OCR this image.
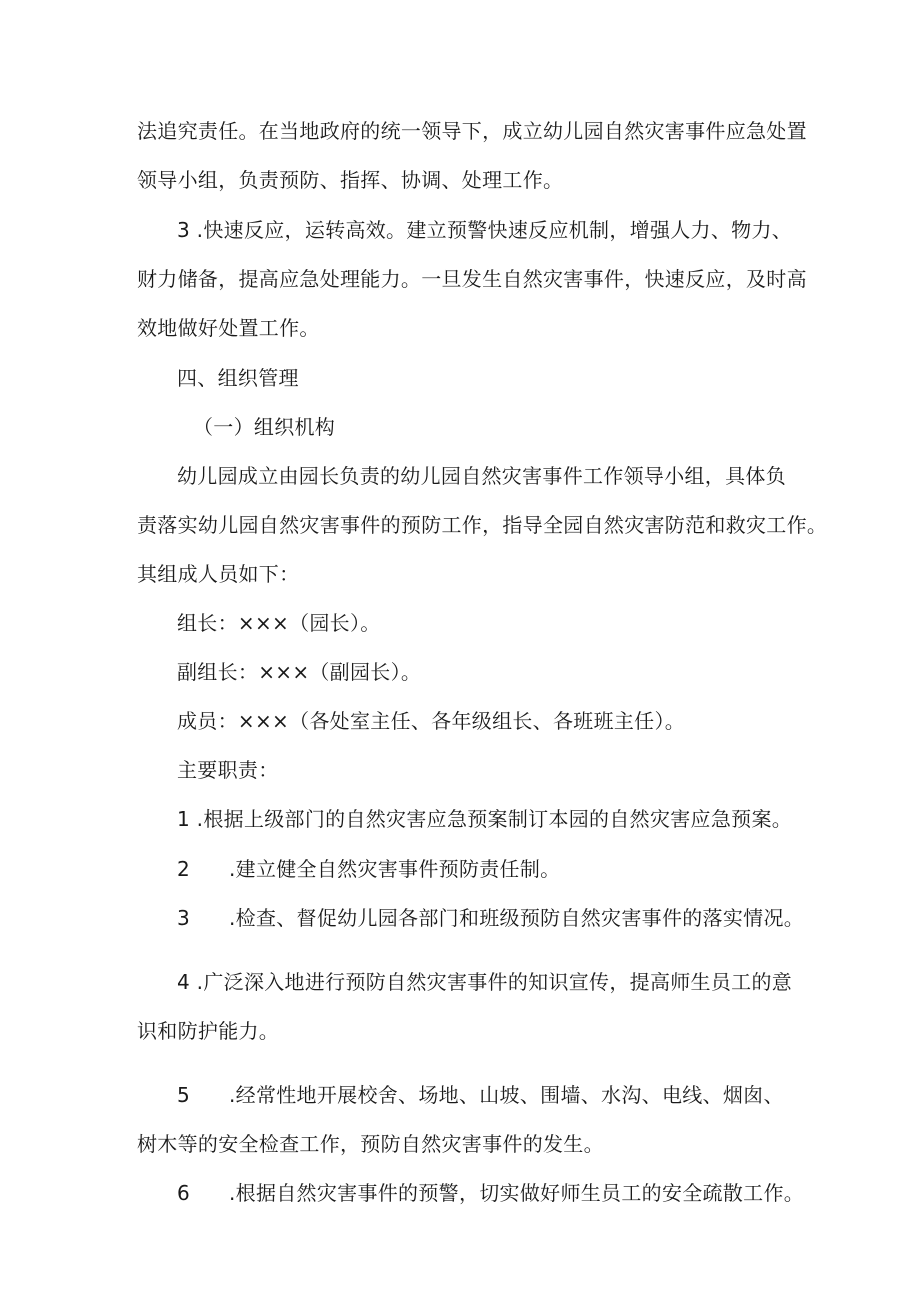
法追究责任。在当地政府的统一领导下，成立幼儿园自然灾害事件应急处置
领导小组，负责预防、指挥、协调、处理工作。
3 .快速反应，运转高效。建立预警快速反应机制，增强人力、物力、
财力储备，提高应急处理能力。一旦发生自然灾害事件，快速反应，及时高
效地做好处置工作。
四、组织管理
（一）组织机构
幼儿园成立由园长负责的幼儿园自然灾害事件工作领导小组，具体负
责落实幼儿园自然灾害事件的预防工作，指导全园自然灾害防范和救灾工作。
其组成人员如下：
组长：×××（园长）。
副组长：×××（副园长）。
成员：×××（各处室主任、各年级组长、各班班主任）。
主要职责：
1 .根据上级部门的自然灾害应急预案制订本园的自然灾害应急预案。
2 .建立健全自然灾害事件预防责任制。
3 .检查、督促幼儿园各部门和班级预防自然灾害事件的落实情况。
4 .广泛深入地进行预防自然灾害事件的知识宣传，提高师生员工的意
识和防护能力。
5 .经常性地开展校舍、场地、山坡、围墙、水沟、电线、烟囱、
树木等的安全检查工作，预防自然灾害事件的发生。
6 .根据自然灾害事件的预警，切实做好师生员工的安全疏散工作。
